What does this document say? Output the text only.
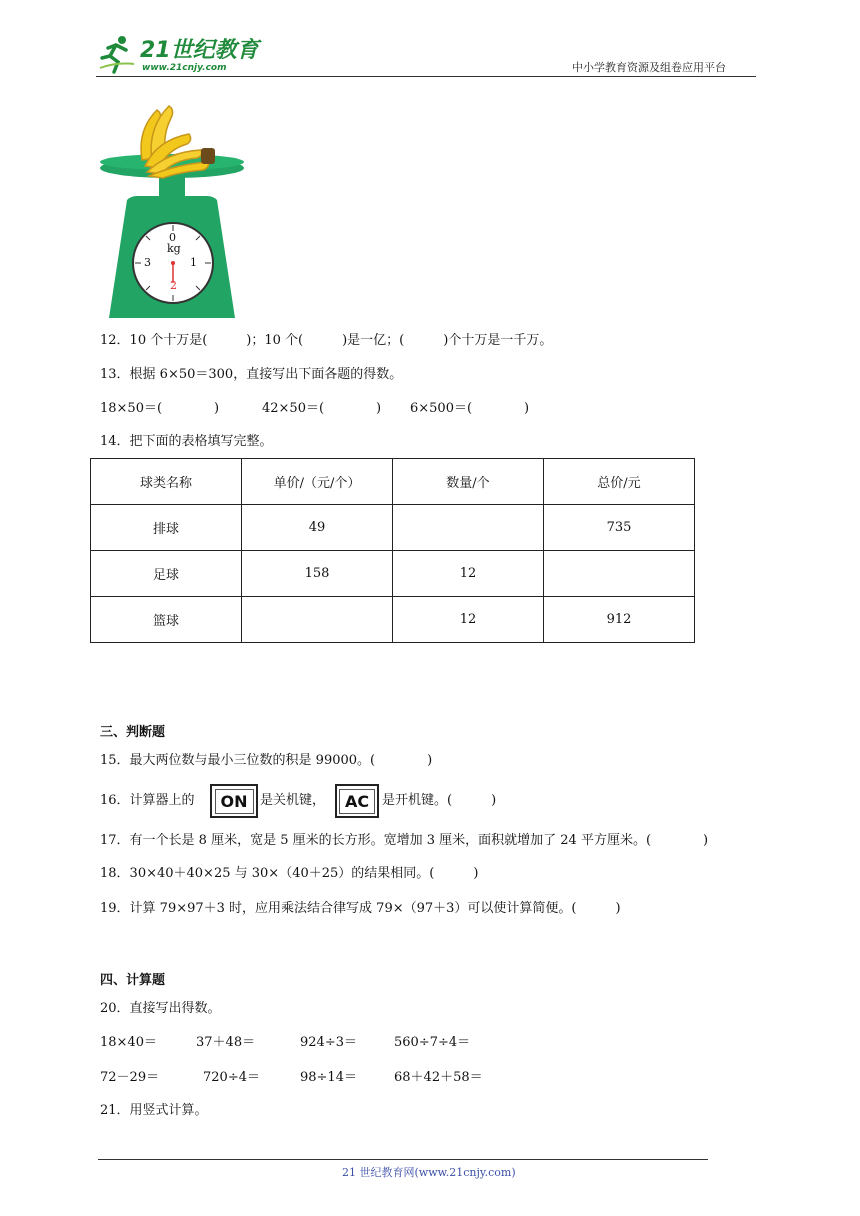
21世纪教育
www.21cnjy.com	中小学教育资源及组卷应用平台
0
kg
1
2
3
12．10 个十万是(　　　)；10 个(　　　)是一亿；(　　　)个十万是一千万。
13．根据 6×50＝300，直接写出下面各题的得数。
18×50＝(　　　　)	42×50＝(　　　　) 6×500＝(　　　　)
14．把下面的表格填写完整。
球类名称	单价/（元/个）	数量/个	总价/元
排球	49		735
足球	158	12	
篮球		12	912
三、判断题
15．最大两位数与最小三位数的积是 99000。(　　　　)
16．计算器上的	ON 是关机键，	AC 是开机键。(　　　)
17．有一个长是 8 厘米，宽是 5 厘米的长方形。宽增加 3 厘米，面积就增加了 24 平方厘米。(　　　　)
18．30×40＋40×25 与 30×（40＋25）的结果相同。(　　　)
19．计算 79×97＋3 时，应用乘法结合律写成 79×（97＋3）可以使计算简便。(　　　)
四、计算题
20．直接写出得数。
18×40＝	37＋48＝	924÷3＝	560÷7÷4＝
72－29＝	720÷4＝	98÷14＝	68＋42＋58＝
21．用竖式计算。
21 世纪教育网(www.21cnjy.com)
